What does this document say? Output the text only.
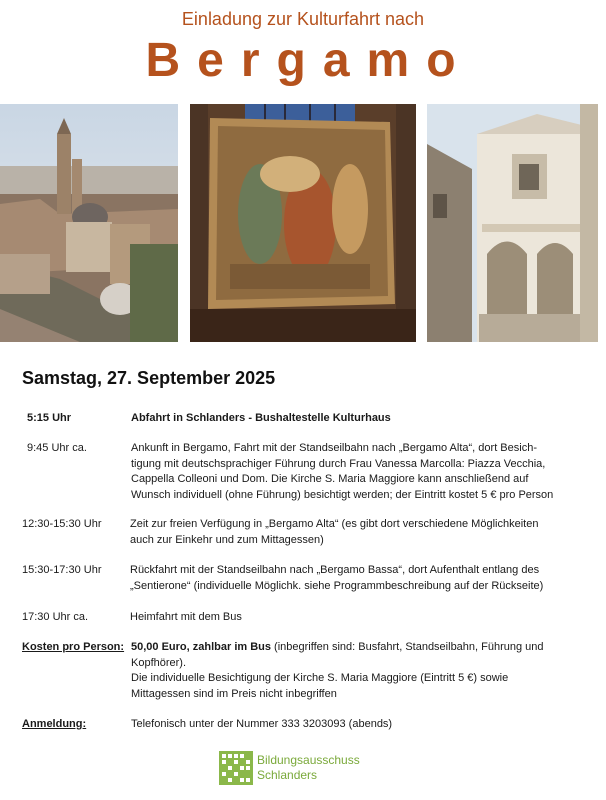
Einladung zur Kulturfahrt nach
Bergamo
Samstag, 27. September 2025
5:15 Uhr	Abfahrt in Schlanders - Bushaltestelle Kulturhaus
9:45 Uhr ca.	Ankunft in Bergamo, Fahrt mit der Standseilbahn nach „Bergamo Alta“, dort Besich-
tigung mit deutschsprachiger Führung durch Frau Vanessa Marcolla: Piazza Vecchia,
Cappella Colleoni und Dom. Die Kirche S. Maria Maggiore kann anschließend auf
Wunsch individuell (ohne Führung) besichtigt werden; der Eintritt kostet 5 € pro Person
12:30-15:30 Uhr	Zeit zur freien Verfügung in „Bergamo Alta“ (es gibt dort verschiedene Möglichkeiten
auch zur Einkehr und zum Mittagessen)
15:30-17:30 Uhr	Rückfahrt mit der Standseilbahn nach „Bergamo Bassa“, dort Aufenthalt entlang des
„Sentierone“ (individuelle Möglichk. siehe Programmbeschreibung auf der Rückseite)
17:30 Uhr ca.	Heimfahrt mit dem Bus
Kosten pro Person: 50,00 Euro, zahlbar im Bus (inbegriffen sind: Busfahrt, Standseilbahn, Führung und
Kopfhörer).
Die individuelle Besichtigung der Kirche S. Maria Maggiore (Eintritt 5 €) sowie
Mittagessen sind im Preis nicht inbegriffen
Anmeldung:	Telefonisch unter der Nummer 333 3203093 (abends)
Bildungsausschuss
Schlanders
